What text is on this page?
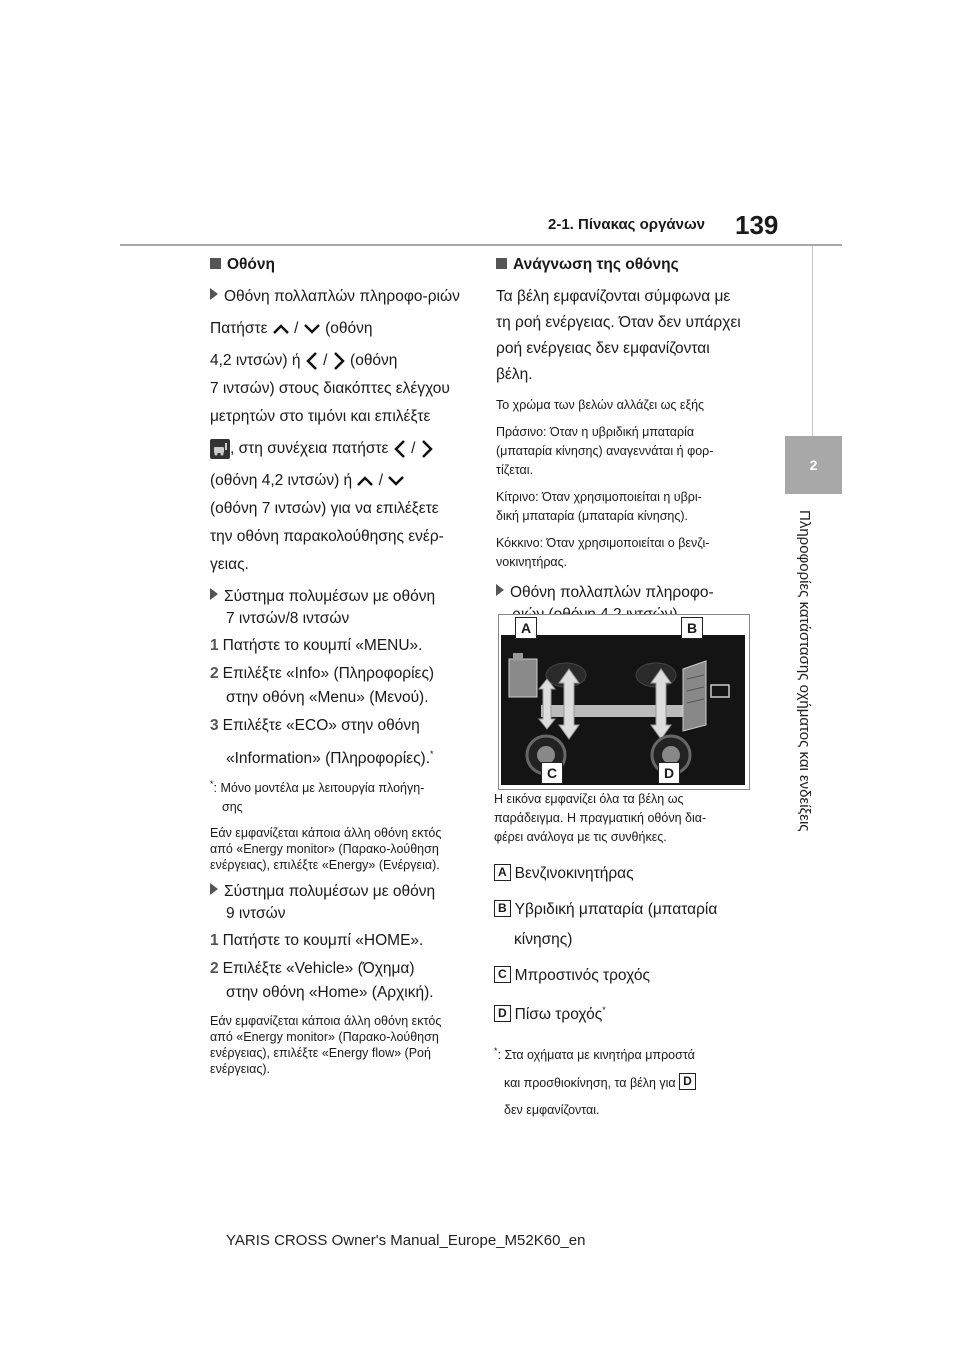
2-1. Πίνακας οργάνων 139
2
Πληροφορίες κατάστασης οχήματος και ενδείξεις

Οθόνη

Οθόνη πολλαπλών πληροφο-ριών

Πατήστε / (οθόνη

4,2 ιντσών) ή / (οθόνη

7 ιντσών) στους διακόπτες ελέγχου

μετρητών στο τιμόνι και επιλέξτε

, στη συνέχεια πατήστε /

(οθόνη 4,2 ιντσών) ή /

(οθόνη 7 ιντσών) για να επιλέξετε

την οθόνη παρακολούθησης ενέρ-

γειας.

Σύστημα πολυμέσων με οθόνη

7 ιντσών/8 ιντσών

1 Πατήστε το κουμπί «MENU».

2 Επιλέξτε «Info» (Πληροφορίες)

στην οθόνη «Menu» (Μενού).

3 Επιλέξτε «ECO» στην οθόνη

«Information» (Πληροφορίες).*

*: Μόνο μοντέλα με λειτουργία πλοήγη-

σης

Εάν εμφανίζεται κάποια άλλη οθόνη εκτός από «Energy monitor» (Παρακο-λούθηση ενέργειας), επιλέξτε «Energy» (Ενέργεια).

Σύστημα πολυμέσων με οθόνη

9 ιντσών

1 Πατήστε το κουμπί «HOME».

2 Επιλέξτε «Vehicle» (Όχημα)

στην οθόνη «Home» (Αρχική).

Εάν εμφανίζεται κάποια άλλη οθόνη εκτός από «Energy monitor» (Παρακο-λούθηση ενέργειας), επιλέξτε «Energy flow» (Ροή ενέργειας).

Ανάγνωση της οθόνης

Τα βέλη εμφανίζονται σύμφωνα με

τη ροή ενέργειας. Όταν δεν υπάρχει

ροή ενέργειας δεν εμφανίζονται

βέλη.

Το χρώμα των βελών αλλάζει ως εξής

Πράσινο: Όταν η υβριδική μπαταρία

(μπαταρία κίνησης) αναγεννάται ή φορ-

τίζεται.

Κίτρινο: Όταν χρησιμοποιείται η υβρι-

δική μπαταρία (μπαταρία κίνησης).

Κόκκινο: Όταν χρησιμοποιείται ο βενζι-

νοκινητήρας.

Οθόνη πολλαπλών πληροφο-

A	B
C	D

Η εικόνα εμφανίζει όλα τα βέλη ως

παράδειγμα. Η πραγματική οθόνη δια-

φέρει ανάλογα με τις συνθήκες.

A Βενζινοκινητήρας

B Υβριδική μπαταρία (μπαταρία

κίνησης)

C Μπροστινός τροχός

D Πίσω τροχός*

*: Στα οχήματα με κινητήρα μπροστά

και προσθιοκίνηση, τα βέλη για D

δεν εμφανίζονται.

YARIS CROSS Owner's Manual_Europe_M52K60_en
